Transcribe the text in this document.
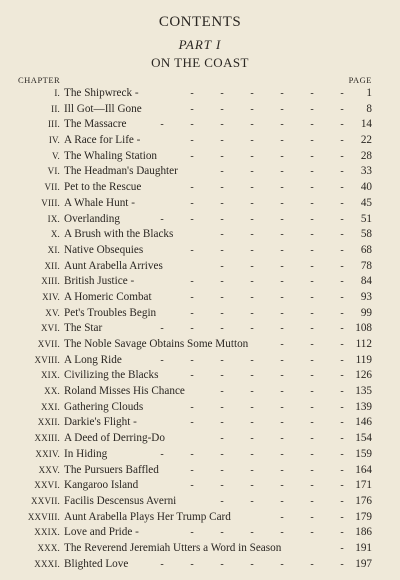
CONTENTS
PART I
ON THE COAST
CHAPTER	PAGE
I. The Shipwreck -	-	-	-	-	-	-	1
II. Ill Got—Ill Gone	-	-	-	-	-	-	8
III. The Massacre	-	-	-	-	-	-	-	14
IV. A Race for Life -	-	-	-	-	-	-	22
V. The Whaling Station	-	-	-	-	-	-	28
VI. The Headman's Daughter	-	-	-	-	-	33
VII. Pet to the Rescue	-	-	-	-	-	-	40
VIII. A Whale Hunt -	-	-	-	-	-	-	45
IX. Overlanding	-	-	-	-	-	-	-	51
X. A Brush with the Blacks	-	-	-	-	-	58
XI. Native Obsequies	-	-	-	-	-	-	68
XII. Aunt Arabella Arrives	-	-	-	-	-	78
XIII. British Justice -	-	-	-	-	-	-	84
XIV. A Homeric Combat	-	-	-	-	-	-	93
XV. Pet's Troubles Begin	-	-	-	-	-	-	99
XVI. The Star	-	-	-	-	-	-	-	108
XVII. The Noble Savage Obtains Some Mutton	-	-	-	112
XVIII. A Long Ride	-	-	-	-	-	-	-	119
XIX. Civilizing the Blacks	-	-	-	-	-	-	126
XX. Roland Misses His Chance	-	-	-	-	-	135
XXI. Gathering Clouds	-	-	-	-	-	-	139
XXII. Darkie's Flight -	-	-	-	-	-	-	146
XXIII. A Deed of Derring-Do	-	-	-	-	-	154
XXIV. In Hiding	-	-	-	-	-	-	-	159
XXV. The Pursuers Baffled	-	-	-	-	-	-	164
XXVI. Kangaroo Island	-	-	-	-	-	-	171
XXVII. Facilis Descensus Averni	-	-	-	-	-	176
XXVIII. Aunt Arabella Plays Her Trump Card	-	-	-	179
XXIX. Love and Pride -	-	-	-	-	-	-	186
XXX. The Reverend Jeremiah Utters a Word in Season	-	191
XXXI. Blighted Love	-	-	-	-	-	-	-	197
